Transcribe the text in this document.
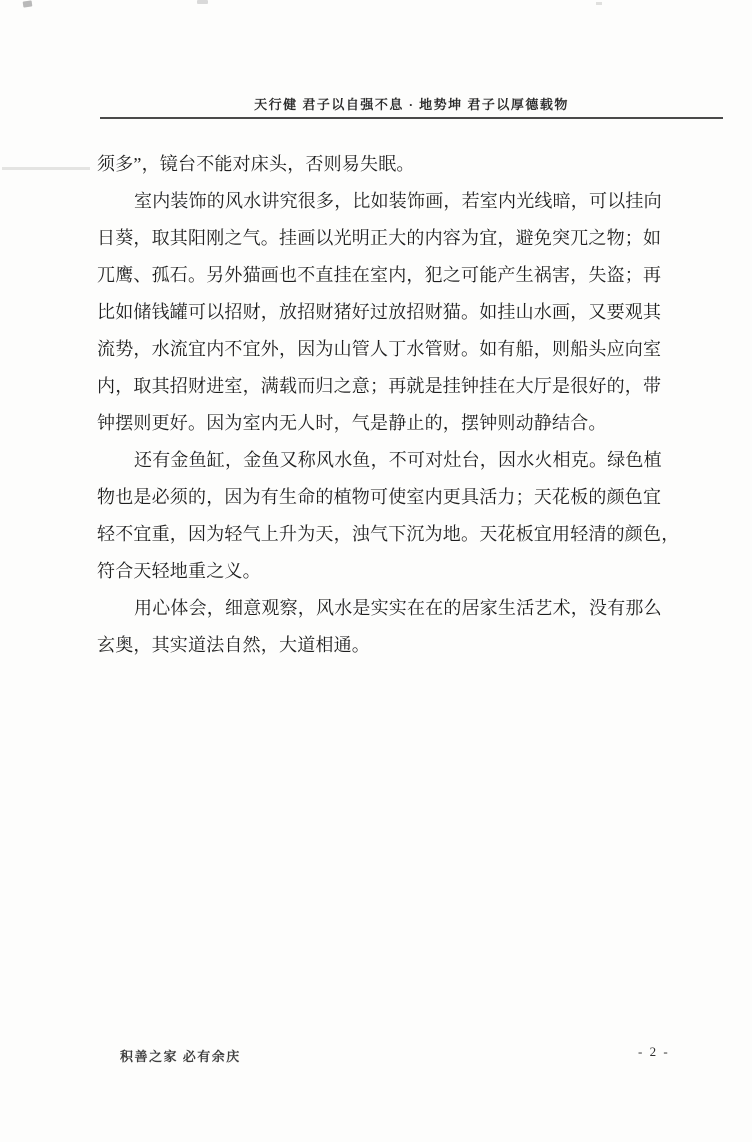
天行健 君子以自强不息 · 地势坤 君子以厚德载物
须多”，镜台不能对床头，否则易失眠。
室内装饰的风水讲究很多，比如装饰画，若室内光线暗，可以挂向
日葵，取其阳刚之气。挂画以光明正大的内容为宜，避免突兀之物；如
兀鹰、孤石。另外猫画也不直挂在室内，犯之可能产生祸害，失盗；再
比如储钱罐可以招财，放招财猪好过放招财猫。如挂山水画，又要观其
流势，水流宜内不宜外，因为山管人丁水管财。如有船，则船头应向室
内，取其招财进室，满载而归之意；再就是挂钟挂在大厅是很好的，带
钟摆则更好。因为室内无人时，气是静止的，摆钟则动静结合。
还有金鱼缸，金鱼又称风水鱼，不可对灶台，因水火相克。绿色植
物也是必须的，因为有生命的植物可使室内更具活力；天花板的颜色宜
轻不宜重，因为轻气上升为天，浊气下沉为地。天花板宜用轻清的颜色，
符合天轻地重之义。
用心体会，细意观察，风水是实实在在的居家生活艺术，没有那么
玄奥，其实道法自然，大道相通。
积善之家 必有余庆	- 2 -
